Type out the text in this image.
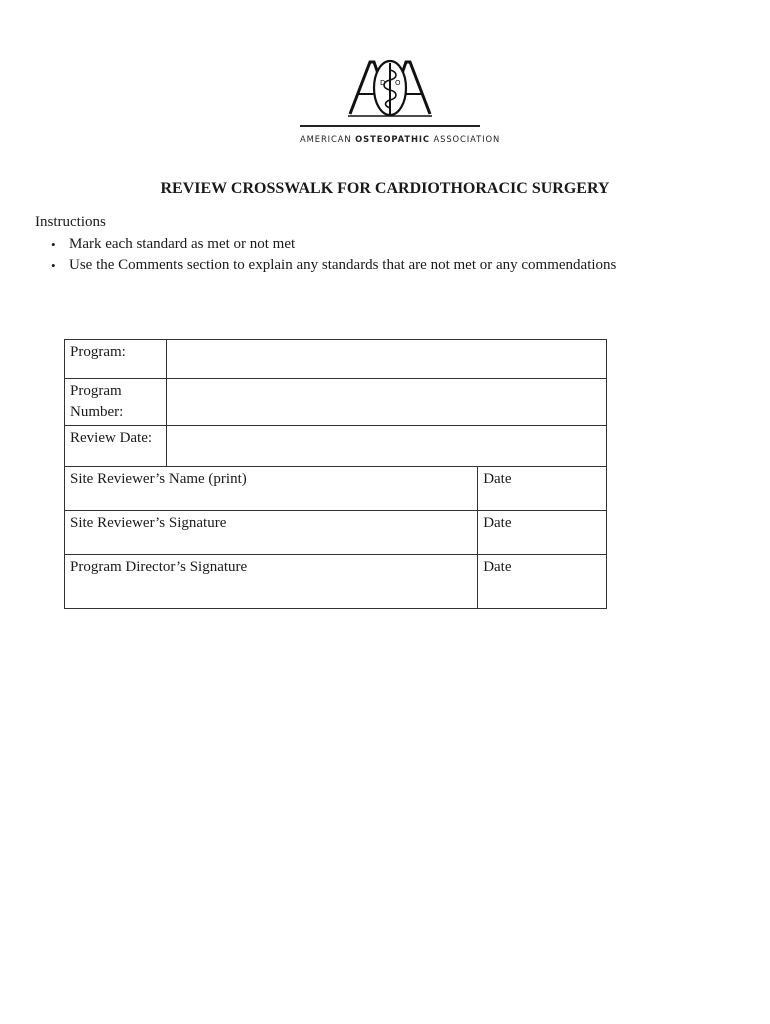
D O
AMERICAN OSTEOPATHIC ASSOCIATION
REVIEW CROSSWALK FOR CARDIOTHORACIC SURGERY
Instructions
• Mark each standard as met or not met
• Use the Comments section to explain any standards that are not met or any commendations
Program:		
Program
Number:		
Review Date:		
Site Reviewer’s Name (print)		Date
Site Reviewer’s Signature		Date
Program Director’s Signature		Date
